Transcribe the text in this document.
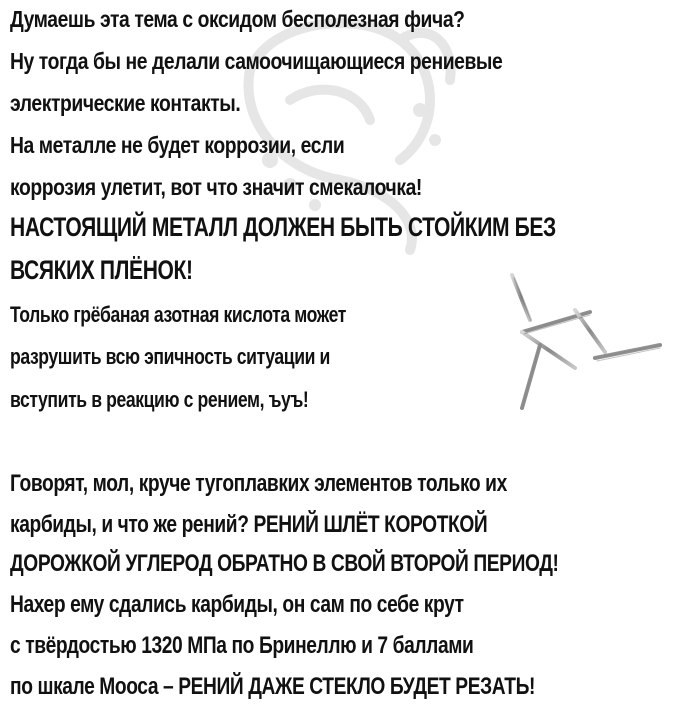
Думаешь эта тема с оксидом бесполезная фича?
Ну тогда бы не делали самоочищающиеся рениевые
электрические контакты.
На металле не будет коррозии, если
коррозия улетит, вот что значит смекалочка!
НАСТОЯЩИЙ МЕТАЛЛ ДОЛЖЕН БЫТЬ СТОЙКИМ БЕЗ
ВСЯКИХ ПЛЁНОК!
Только грёбаная азотная кислота может
разрушить всю эпичность ситуации и
вступить в реакцию с рением, ъуъ!
Говорят, мол, круче тугоплавких элементов только их
карбиды, и что же рений? РЕНИЙ ШЛЁТ КОРОТКОЙ
ДОРОЖКОЙ УГЛЕРОД ОБРАТНО В СВОЙ ВТОРОЙ ПЕРИОД!
Нахер ему сдались карбиды, он сам по себе крут
с твёрдостью 1320 МПа по Бринеллю и 7 баллами
по шкале Мооса – РЕНИЙ ДАЖЕ СТЕКЛО БУДЕТ РЕЗАТЬ!
